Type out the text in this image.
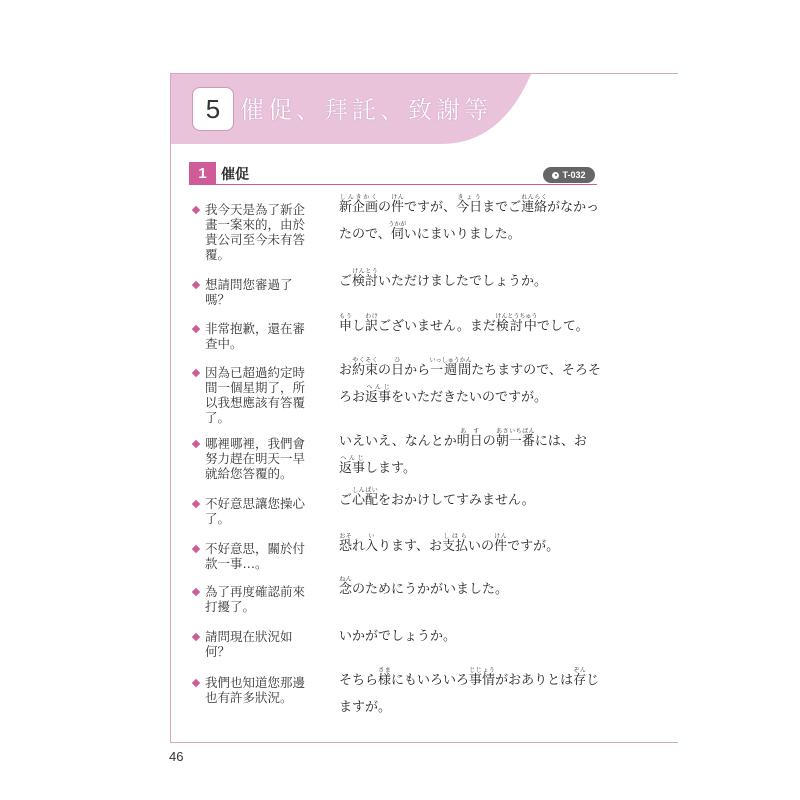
5 催促、拜託、致謝等
1	催促	T-032
我今天是為了新企畫一案來的，由於貴公司至今未有答覆。
新企画しんきかくの件けんですが、今日きょうまでご連絡れんらくがなかったので、伺うかがいにまいりました。
想請問您審過了嗎？
ご検討けんとういただけましたでしょうか。
非常抱歉，還在審查中。
申もうし訳わけございません。まだ検討中けんとうちゅうでして。
因為已超過約定時間一個星期了，所以我想應該有答覆了。
お約束やくそくの日ひから一週間いっしゅうかんたちますので、そろそろお返事へんじをいただきたいのですが。
哪裡哪裡，我們會努力趕在明天一早就給您答覆的。
いえいえ、なんとか明日あすの朝一番あさいちばんには、お返事へんじします。
不好意思讓您操心了。
ご心配しんぱいをおかけしてすみません。
不好意思，關於付款一事…。
恐おそれ入いります、お支払しはらいの件けんですが。
為了再度確認前來打擾了。
念ねんのためにうかがいました。
請問現在狀況如何？
いかがでしょうか。
我們也知道您那邊也有許多狀況。
そちら様さまにもいろいろ事情じじょうがおありとは存ぞんじますが。
46
